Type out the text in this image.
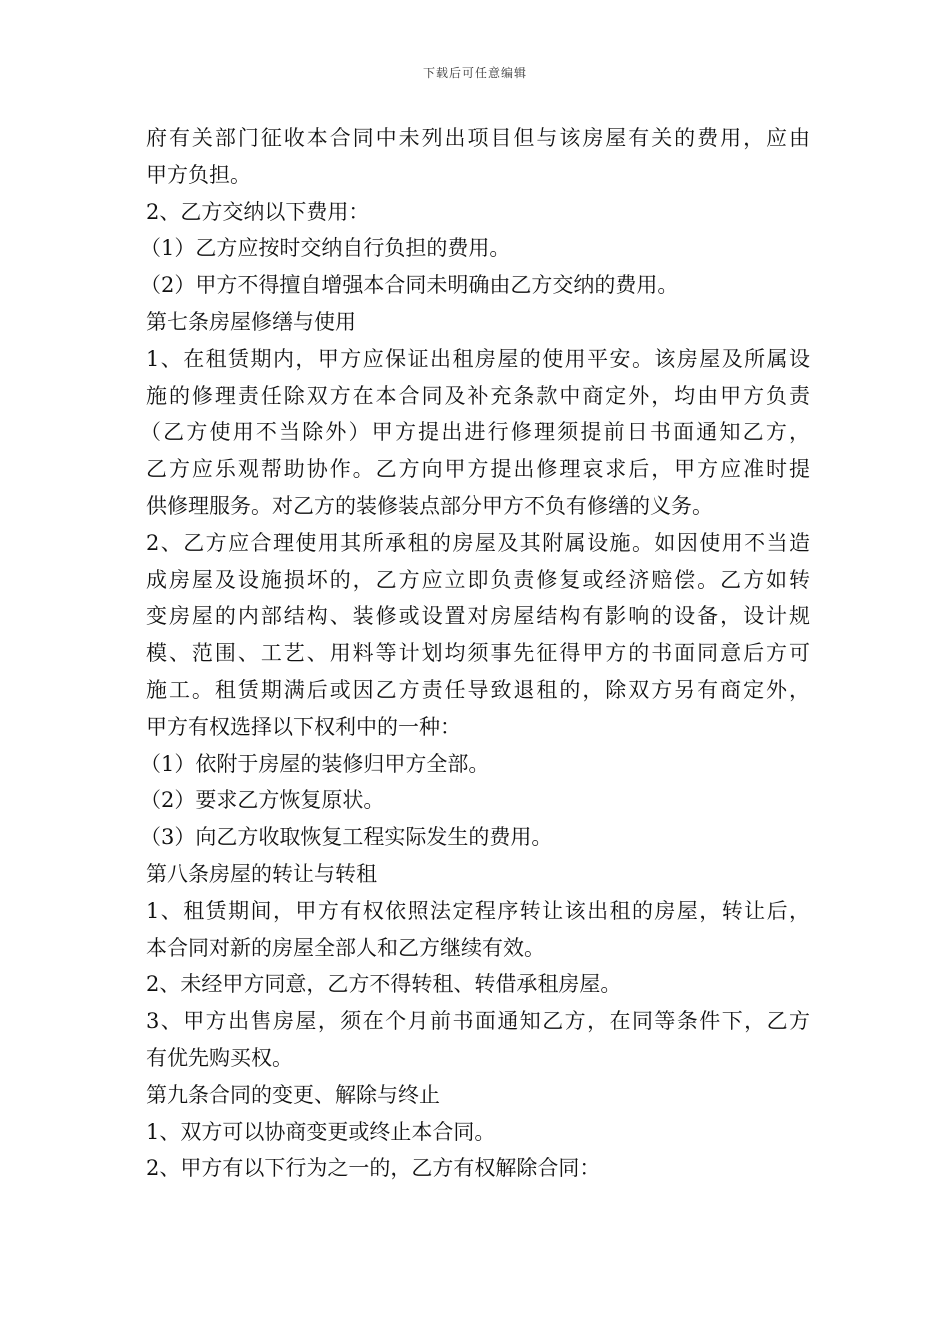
下载后可任意编辑
府有关部门征收本合同中未列出项目但与该房屋有关的费用，应由
甲方负担。
2、乙方交纳以下费用：
（1）乙方应按时交纳自行负担的费用。
（2）甲方不得擅自增强本合同未明确由乙方交纳的费用。
第七条房屋修缮与使用
1、在租赁期内，甲方应保证出租房屋的使用平安。该房屋及所属设
施的修理责任除双方在本合同及补充条款中商定外，均由甲方负责
（乙方使用不当除外）甲方提出进行修理须提前日书面通知乙方，
乙方应乐观帮助协作。乙方向甲方提出修理哀求后，甲方应准时提
供修理服务。对乙方的装修装点部分甲方不负有修缮的义务。
2、乙方应合理使用其所承租的房屋及其附属设施。如因使用不当造
成房屋及设施损坏的，乙方应立即负责修复或经济赔偿。乙方如转
变房屋的内部结构、装修或设置对房屋结构有影响的设备，设计规
模、范围、工艺、用料等计划均须事先征得甲方的书面同意后方可
施工。租赁期满后或因乙方责任导致退租的，除双方另有商定外，
甲方有权选择以下权利中的一种：
（1）依附于房屋的装修归甲方全部。
（2）要求乙方恢复原状。
（3）向乙方收取恢复工程实际发生的费用。
第八条房屋的转让与转租
1、租赁期间，甲方有权依照法定程序转让该出租的房屋，转让后，
本合同对新的房屋全部人和乙方继续有效。
2、未经甲方同意，乙方不得转租、转借承租房屋。
3、甲方出售房屋，须在个月前书面通知乙方，在同等条件下，乙方
有优先购买权。
第九条合同的变更、解除与终止
1、双方可以协商变更或终止本合同。
2、甲方有以下行为之一的，乙方有权解除合同：
